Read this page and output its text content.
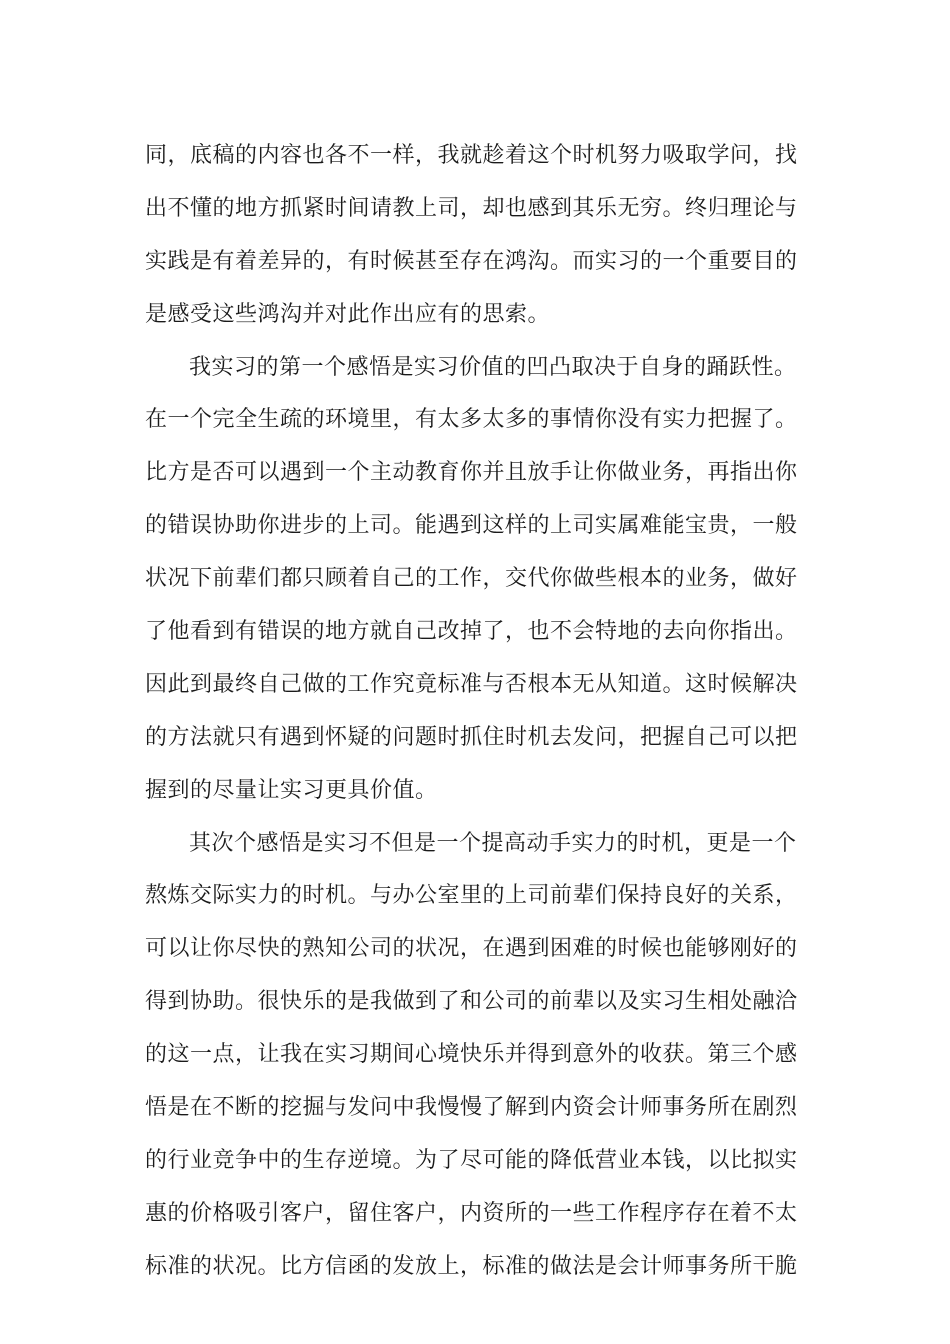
同，底稿的内容也各不一样，我就趁着这个时机努力吸取学问，找
出不懂的地方抓紧时间请教上司，却也感到其乐无穷。终归理论与
实践是有着差异的，有时候甚至存在鸿沟。而实习的一个重要目的
是感受这些鸿沟并对此作出应有的思索。
我实习的第一个感悟是实习价值的凹凸取决于自身的踊跃性。
在一个完全生疏的环境里，有太多太多的事情你没有实力把握了。
比方是否可以遇到一个主动教育你并且放手让你做业务，再指出你
的错误协助你进步的上司。能遇到这样的上司实属难能宝贵，一般
状况下前辈们都只顾着自己的工作，交代你做些根本的业务，做好
了他看到有错误的地方就自己改掉了，也不会特地的去向你指出。
因此到最终自己做的工作究竟标准与否根本无从知道。这时候解决
的方法就只有遇到怀疑的问题时抓住时机去发问，把握自己可以把
握到的尽量让实习更具价值。
其次个感悟是实习不但是一个提高动手实力的时机，更是一个
熬炼交际实力的时机。与办公室里的上司前辈们保持良好的关系，
可以让你尽快的熟知公司的状况，在遇到困难的时候也能够刚好的
得到协助。很快乐的是我做到了和公司的前辈以及实习生相处融洽
的这一点，让我在实习期间心境快乐并得到意外的收获。第三个感
悟是在不断的挖掘与发问中我慢慢了解到内资会计师事务所在剧烈
的行业竞争中的生存逆境。为了尽可能的降低营业本钱，以比拟实
惠的价格吸引客户，留住客户，内资所的一些工作程序存在着不太
标准的状况。比方信函的发放上，标准的做法是会计师事务所干脆
